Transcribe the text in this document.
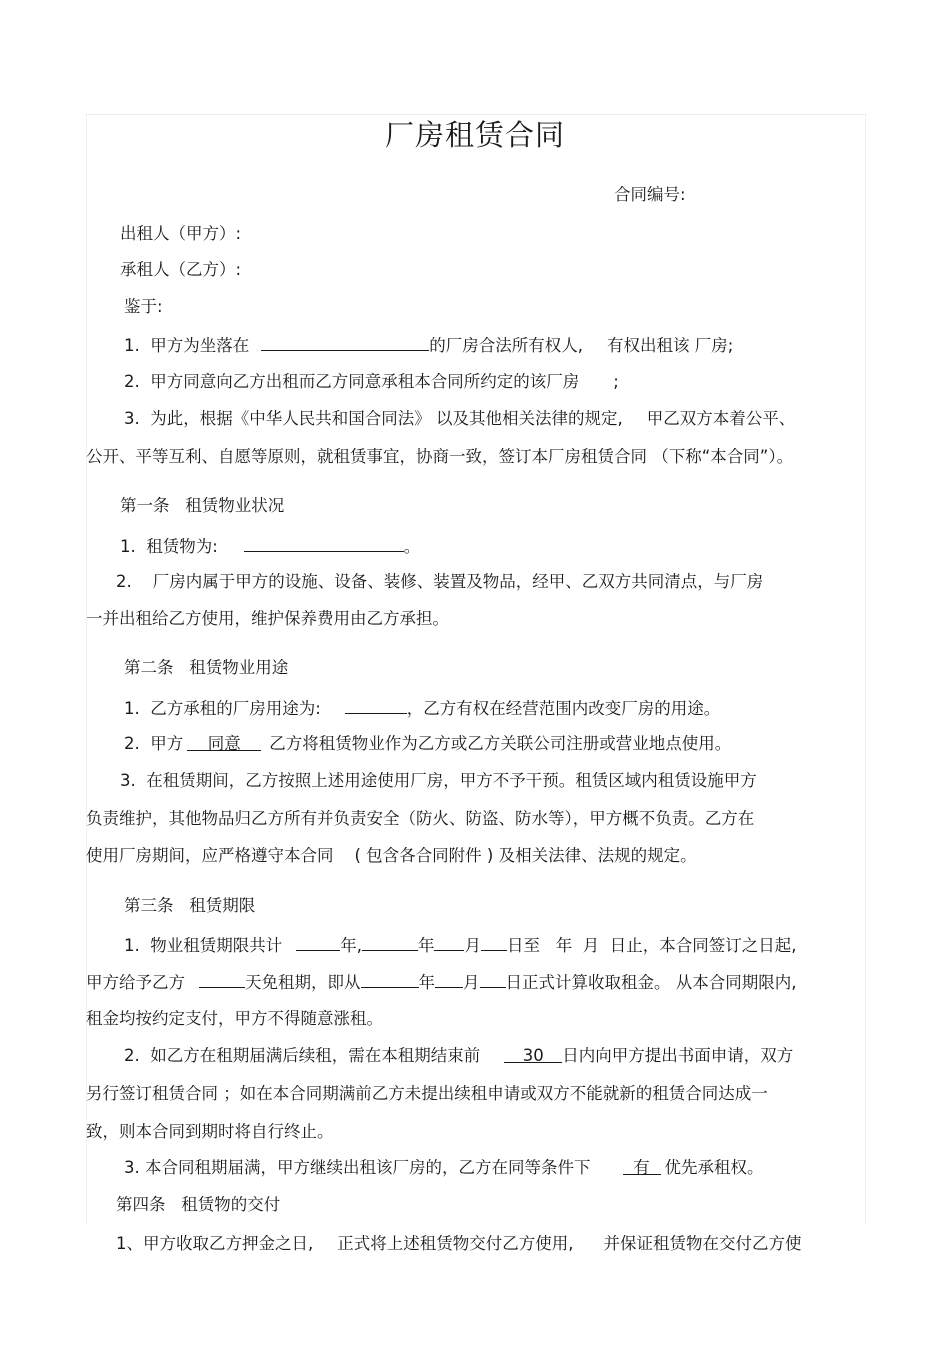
厂房租赁合同
合同编号:
出租人（甲方）:
承租人（乙方）:
鉴于:
1.  甲方为坐落在	的厂房合法所有权人, 有权出租该 厂房;
2.  甲方同意向乙方出租而乙方同意承租本合同所约定的该厂房 ;
3.  为此，根据《中华人民共和国合同法》 以及其他相关法律的规定, 甲乙双方本着公平、
公开、平等互利、自愿等原则，就租赁事宜，协商一致，签订本厂房租赁合同 （下称“本合同”）。
第一条   租赁物业状况
1.  租赁物为:	。
2.    厂房内属于甲方的设施、设备、装修、装置及物品，经甲、乙双方共同清点，与厂房
一并出租给乙方使用，维护保养费用由乙方承担。
第二条   租赁物业用途
1.  乙方承租的厂房用途为:	，乙方有权在经营范围内改变厂房的用途。
2.  甲方 同意 乙方将租赁物业作为乙方或乙方关联公司注册或营业地点使用。
3.  在租赁期间，乙方按照上述用途使用厂房，甲方不予干预。租赁区域内租赁设施甲方
负责维护，其他物品归乙方所有并负责安全（防火、防盗、防水等），甲方概不负责。乙方在
使用厂房期间，应严格遵守本合同    ( 包含各合同附件 ) 及相关法律、法规的规定。
第三条   租赁期限
1.  物业租赁期限共计	年,	年 月 日至   年  月  日止，本合同签订之日起,
甲方给予乙方	天免租期，即从	年 月 日正式计算收取租金。 从本合同期限内,
租金均按约定支付，甲方不得随意涨租。
2.  如乙方在租期届满后续租，需在本租期结束前	30 日内向甲方提出书面申请，双方
另行签订租赁合同 ；如在本合同期满前乙方未提出续租申请或双方不能就新的租赁合同达成一
致，则本合同到期时将自行终止。
3. 本合同租期届满，甲方继续出租该厂房的，乙方在同等条件下	有 优先承租权。
第四条   租赁物的交付
1、甲方收取乙方押金之日, 正式将上述租赁物交付乙方使用, 并保证租赁物在交付乙方使
